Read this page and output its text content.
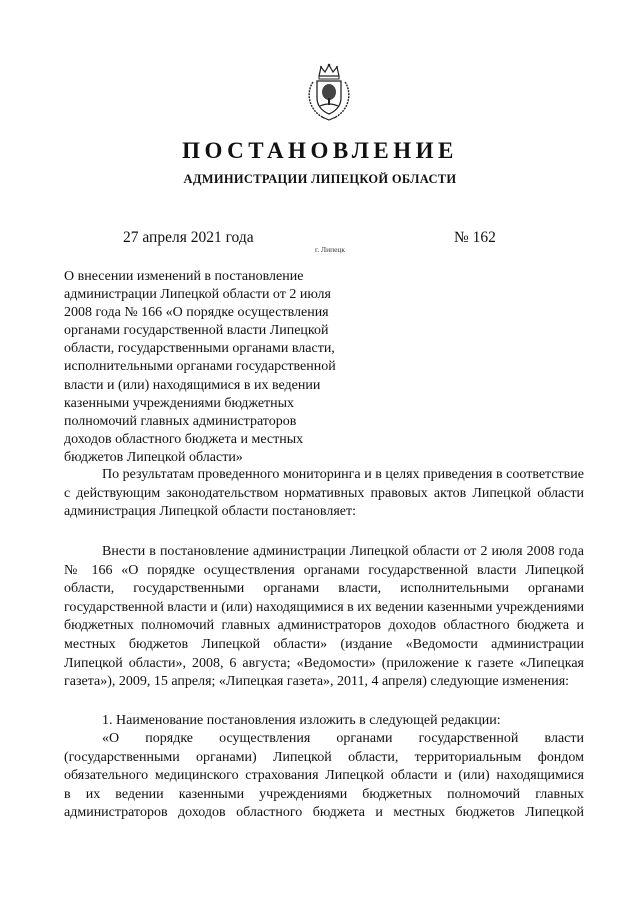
ПОСТАНОВЛЕНИЕ
АДМИНИСТРАЦИИ ЛИПЕЦКОЙ ОБЛАСТИ
27 апреля 2021 года
г. Липецк
№ 162
О внесении изменений в постановление
администрации Липецкой области от 2 июля
2008 года № 166 «О порядке осуществления
органами государственной власти Липецкой
области, государственными органами власти,
исполнительными органами государственной
власти и (или) находящимися в их ведении
казенными учреждениями бюджетных
полномочий главных администраторов
доходов областного бюджета и местных
бюджетов Липецкой области»

По результатам проведенного мониторинга и в целях приведения в соответствие с действующим законодательством нормативных правовых актов Липецкой области администрация Липецкой области постановляет:

Внести в постановление администрации Липецкой области от 2 июля 2008 года № 166 «О порядке осуществления органами государственной власти Липецкой области, государственными органами власти, исполнительными органами государственной власти и (или) находящимися в их ведении казенными учреждениями бюджетных полномочий главных администраторов доходов областного бюджета и местных бюджетов Липецкой области» (издание «Ведомости администрации Липецкой области», 2008, 6 августа; «Ведомости» (приложение к газете «Липецкая газета»), 2009, 15 апреля; «Липецкая газета», 2011, 4 апреля) следующие изменения:

1. Наименование постановления изложить в следующей редакции:

«О порядке осуществления органами государственной власти
(государственными органами) Липецкой области, территориальным фондом
обязательного медицинского страхования Липецкой области и (или) находящимися
в их ведении казенными учреждениями бюджетных полномочий главных
администраторов доходов областного бюджета и местных бюджетов Липецкой
